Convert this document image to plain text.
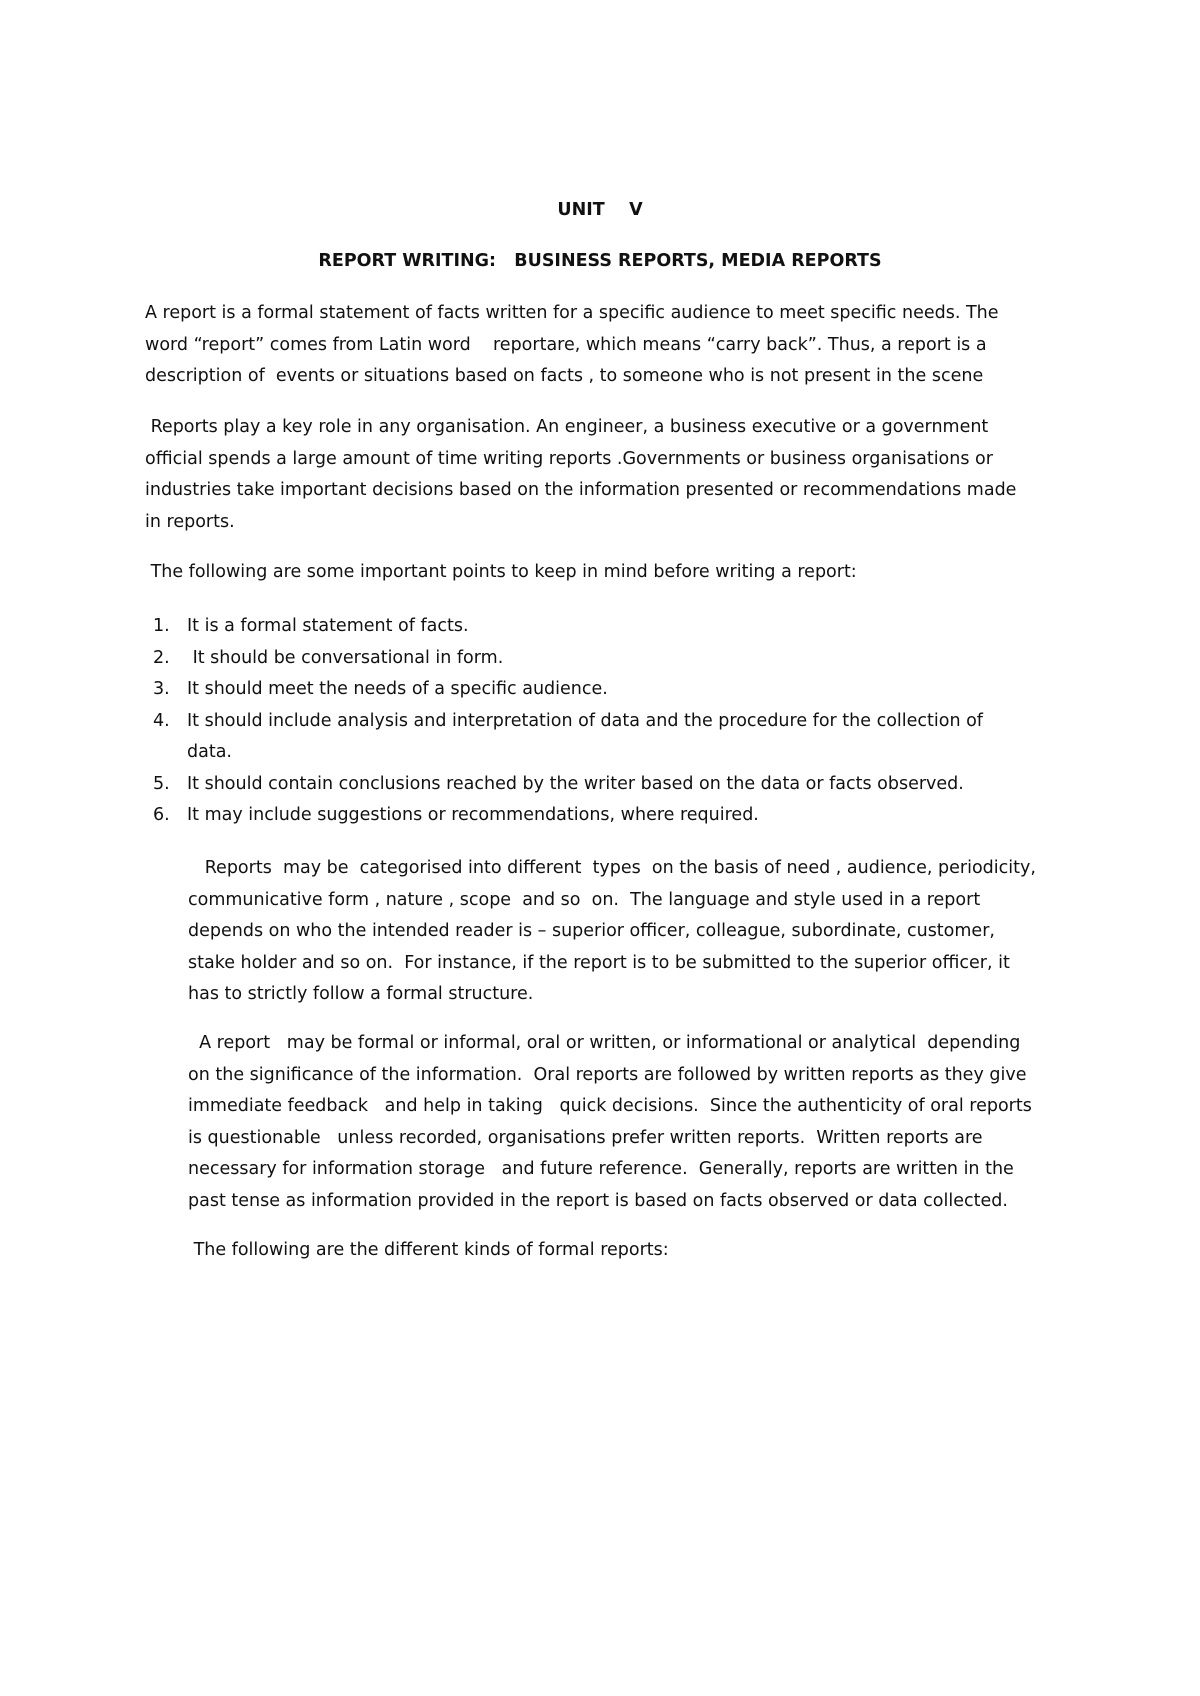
UNIT    V
REPORT WRITING:   BUSINESS REPORTS, MEDIA REPORTS
A report is a formal statement of facts written for a specific audience to meet specific needs. The
word “report” comes from Latin word    reportare, which means “carry back”. Thus, a report is a
description of  events or situations based on facts , to someone who is not present in the scene
Reports play a key role in any organisation. An engineer, a business executive or a government
official spends a large amount of time writing reports .Governments or business organisations or
industries take important decisions based on the information presented or recommendations made
in reports.
The following are some important points to keep in mind before writing a report:
1. It is a formal statement of facts.
2. It should be conversational in form.
3. It should meet the needs of a specific audience.
4. It should include analysis and interpretation of data and the procedure for the collection of
data.
5. It should contain conclusions reached by the writer based on the data or facts observed.
6. It may include suggestions or recommendations, where required.
Reports  may be  categorised into different  types  on the basis of need , audience, periodicity,
communicative form , nature , scope  and so  on.  The language and style used in a report
depends on who the intended reader is – superior officer, colleague, subordinate, customer,
stake holder and so on.  For instance, if the report is to be submitted to the superior officer, it
has to strictly follow a formal structure.
A report   may be formal or informal, oral or written, or informational or analytical  depending
on the significance of the information.  Oral reports are followed by written reports as they give
immediate feedback   and help in taking   quick decisions.  Since the authenticity of oral reports
is questionable   unless recorded, organisations prefer written reports.  Written reports are
necessary for information storage   and future reference.  Generally, reports are written in the
past tense as information provided in the report is based on facts observed or data collected.
The following are the different kinds of formal reports:
